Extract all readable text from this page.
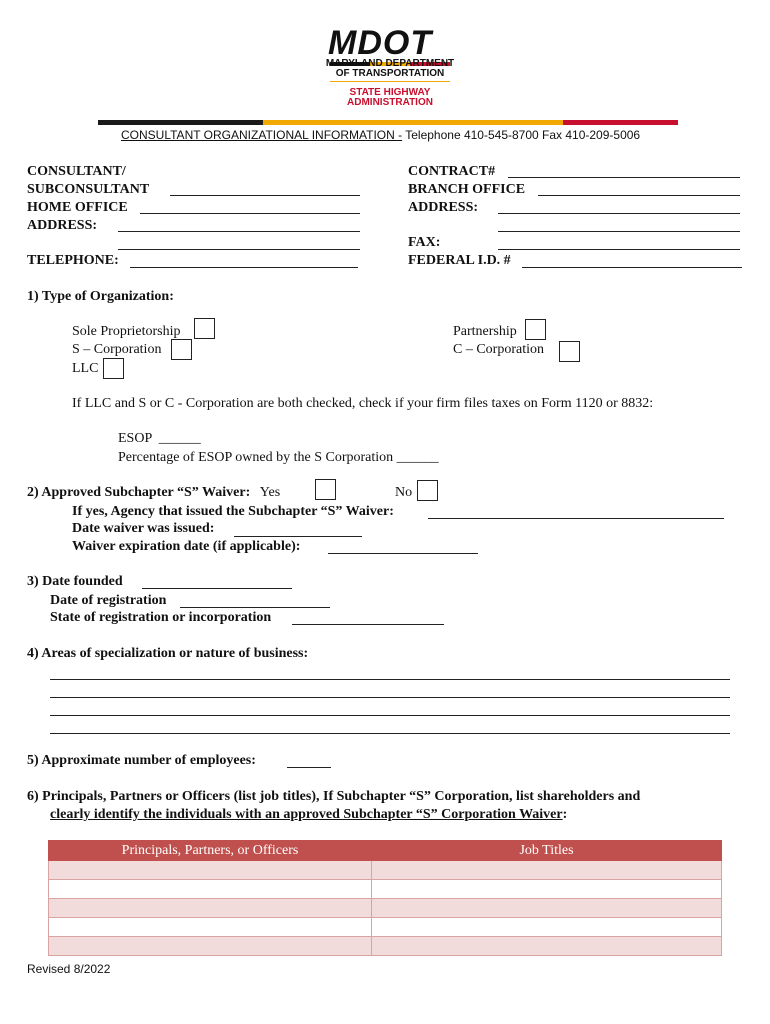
MDOT
MARYLAND DEPARTMENT
OF TRANSPORTATION
STATE HIGHWAY
ADMINISTRATION
CONSULTANT ORGANIZATIONAL INFORMATION - Telephone 410-545-8700 Fax 410-209-5006
CONSULTANT/
SUBCONSULTANT
HOME OFFICE
ADDRESS:
TELEPHONE:
CONTRACT#
BRANCH OFFICE
ADDRESS:
FAX:
FEDERAL I.D. #
1) Type of Organization:
Sole Proprietorship
S – Corporation
LLC
Partnership
C – Corporation
If LLC and S or C - Corporation are both checked, check if your firm files taxes on Form 1120 or 8832:
ESOP  ______
Percentage of ESOP owned by the S Corporation ______
2) Approved Subchapter “S” Waiver: Yes	No
If yes, Agency that issued the Subchapter “S” Waiver:
Date waiver was issued:
Waiver expiration date (if applicable):
3) Date founded
Date of registration
State of registration or incorporation
4) Areas of specialization or nature of business:
5) Approximate number of employees:
6) Principals, Partners or Officers (list job titles), If Subchapter “S” Corporation, list shareholders and
clearly identify the individuals with an approved Subchapter “S” Corporation Waiver:
Principals, Partners, or Officers	Job Titles

Revised 8/2022
